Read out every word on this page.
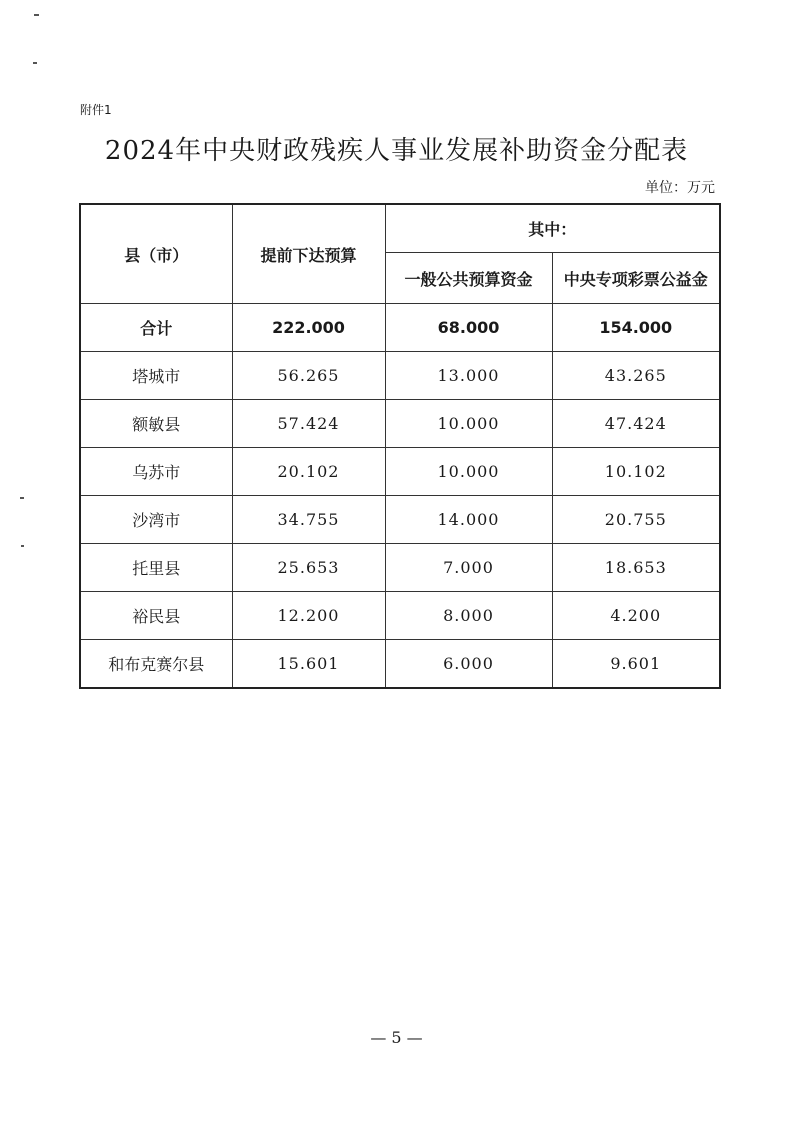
附件1
2024年中央财政残疾人事业发展补助资金分配表
单位：万元
县（市）	提前下达预算	其中：	
		一般公共预算资金	中央专项彩票公益金
合计	222.000	68.000	154.000
塔城市	56.265	13.000	43.265
额敏县	57.424	10.000	47.424
乌苏市	20.102	10.000	10.102
沙湾市	34.755	14.000	20.755
托里县	25.653	7.000	18.653
裕民县	12.200	8.000	4.200
和布克赛尔县	15.601	6.000	9.601
— 5 —
